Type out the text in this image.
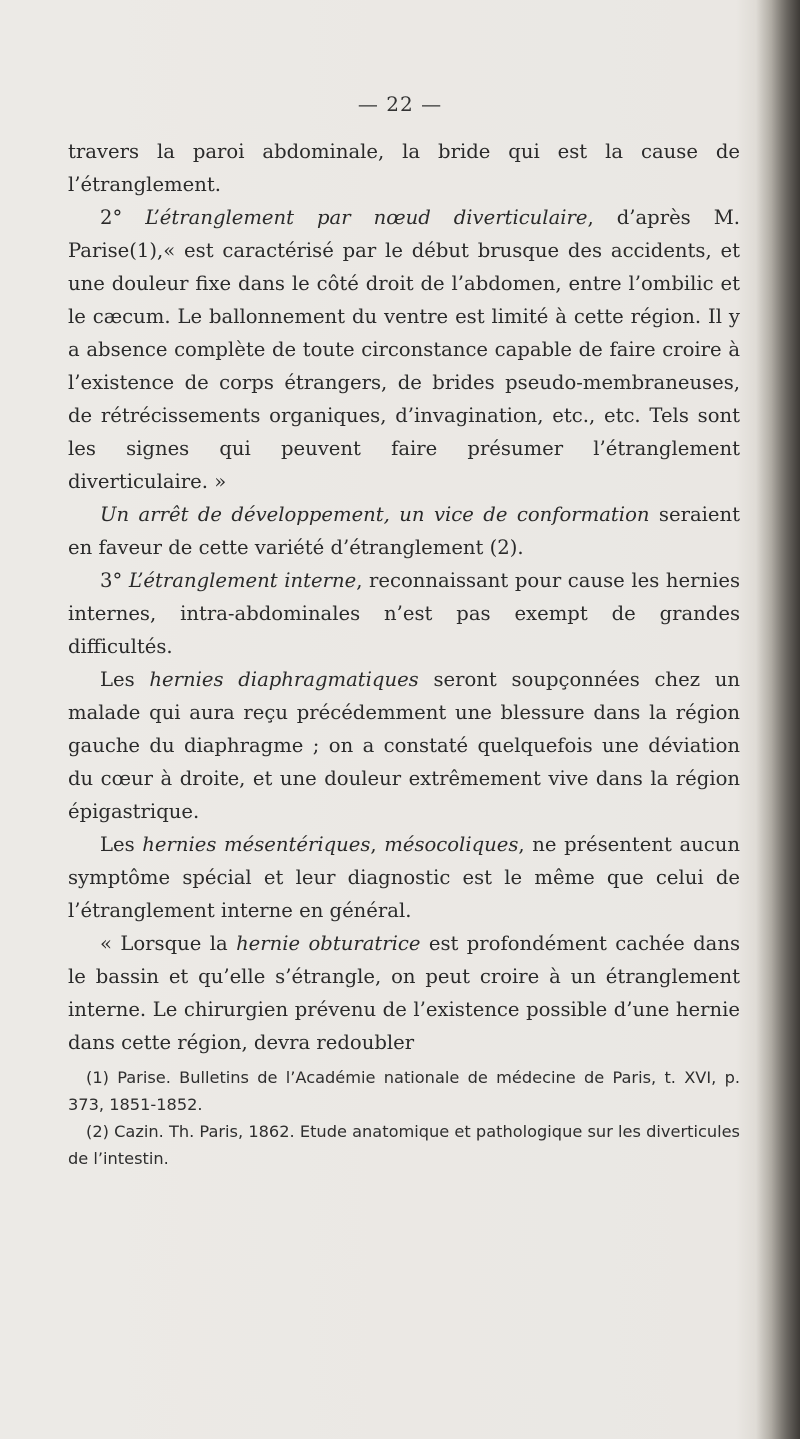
— 22 —

travers la paroi abdominale, la bride qui est la cause de l’étranglement.

2° L’étranglement par nœud diverticulaire, d’après M. Parise(1),« est caractérisé par le début brusque des accidents, et une douleur fixe dans le côté droit de l’abdomen, entre l’ombilic et le cæcum. Le ballonnement du ventre est limité à cette région. Il y a absence complète de toute circonstance capable de faire croire à l’existence de corps étrangers, de brides pseudo-membraneuses, de rétrécissements organiques, d’invagination, etc., etc. Tels sont les signes qui peuvent faire présumer l’étranglement diverticulaire. »

Un arrêt de développement, un vice de conformation seraient en faveur de cette variété d’étranglement (2).

3° L’étranglement interne, reconnaissant pour cause les hernies internes, intra-abdominales n’est pas exempt de grandes difficultés.

Les hernies diaphragmatiques seront soupçonnées chez un malade qui aura reçu précédemment une blessure dans la région gauche du diaphragme ; on a constaté quelquefois une déviation du cœur à droite, et une douleur extrêmement vive dans la région épigastrique.

Les hernies mésentériques, mésocoliques, ne présentent aucun symptôme spécial et leur diagnostic est le même que celui de l’étranglement interne en général.

« Lorsque la hernie obturatrice est profondément cachée dans le bassin et qu’elle s’étrangle, on peut croire à un étranglement interne. Le chirurgien prévenu de l’existence possible d’une hernie dans cette région, devra redoubler

(1) Parise. Bulletins de l’Académie nationale de médecine de Paris, t. XVI, p. 373, 1851-1852.

(2) Cazin. Th. Paris, 1862. Etude anatomique et pathologique sur les diverticules de l’intestin.
